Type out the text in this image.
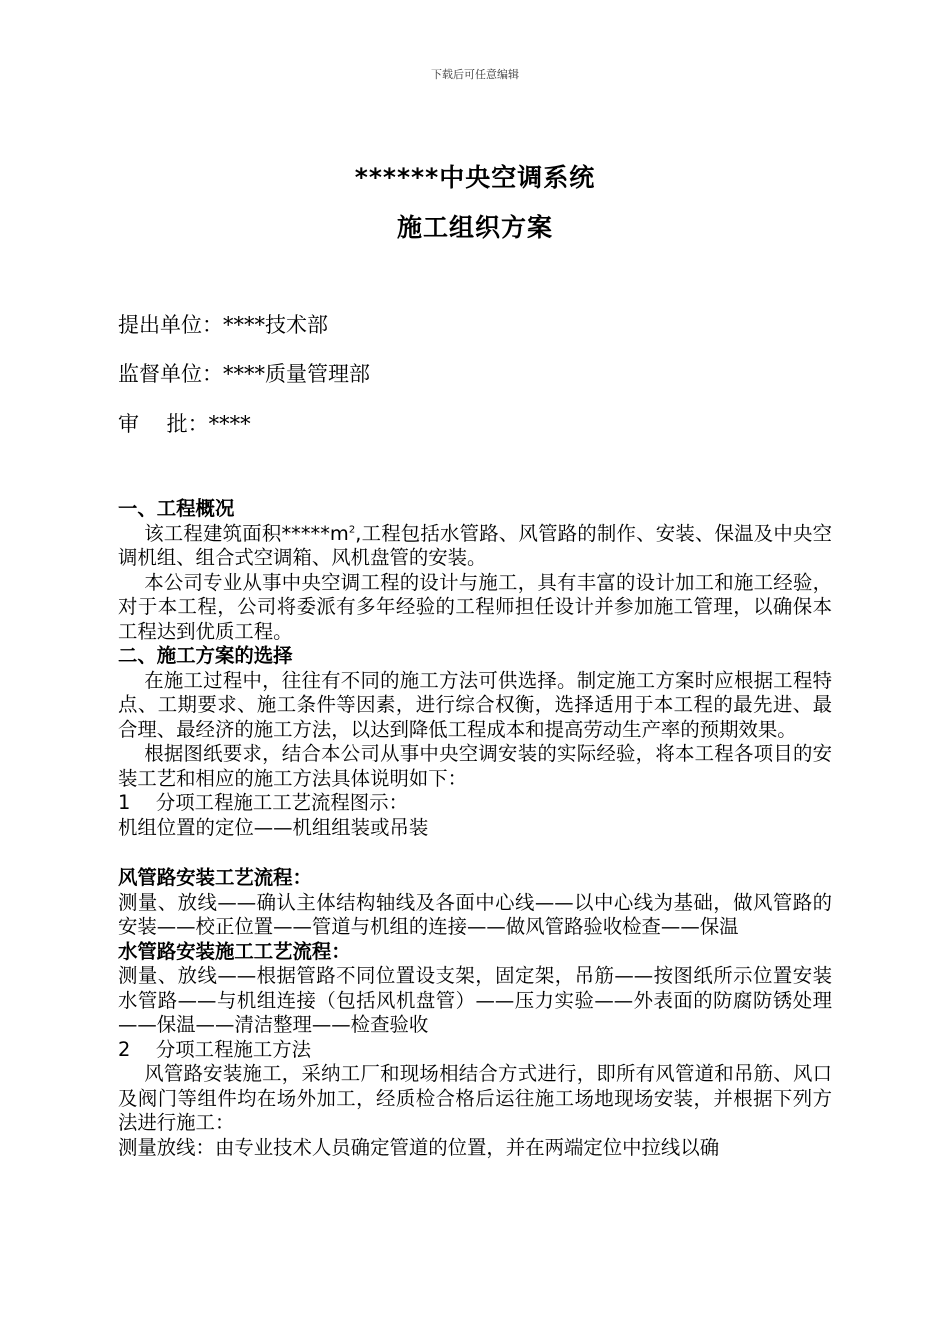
下载后可任意编辑
******中央空调系统
施工组织方案
提出单位：****技术部
监督单位：****质量管理部
审　 批：****

一、工程概况

该工程建筑面积$*****m^2$,工程包括水管路、风管路的制作、安装、保温及中央空调机组、组合式空调箱、风机盘管的安装。

本公司专业从事中央空调工程的设计与施工，具有丰富的设计加工和施工经验，对于本工程，公司将委派有多年经验的工程师担任设计并参加施工管理，以确保本工程达到优质工程。

二、施工方案的选择

在施工过程中，往往有不同的施工方法可供选择。制定施工方案时应根据工程特点、工期要求、施工条件等因素，进行综合权衡，选择适用于本工程的最先进、最合理、最经济的施工方法，以达到降低工程成本和提高劳动生产率的预期效果。

根据图纸要求，结合本公司从事中央空调安装的实际经验，将本工程各项目的安装工艺和相应的施工方法具体说明如下：

1　 分项工程施工工艺流程图示：

机组位置的定位——机组组装或吊装

风管路安装工艺流程：

测量、放线——确认主体结构轴线及各面中心线——以中心线为基础，做风管路的安装——校正位置——管道与机组的连接——做风管路验收检查——保温

水管路安装施工工艺流程：

测量、放线——根据管路不同位置设支架，固定架，吊筋——按图纸所示位置安装水管路——与机组连接（包括风机盘管）——压力实验——外表面的防腐防锈处理——保温——清洁整理——检查验收

2　 分项工程施工方法

风管路安装施工，采纳工厂和现场相结合方式进行，即所有风管道和吊筋、风口及阀门等组件均在场外加工，经质检合格后运往施工场地现场安装，并根据下列方法进行施工：

测量放线：由专业技术人员确定管道的位置，并在两端定位中拉线以确
